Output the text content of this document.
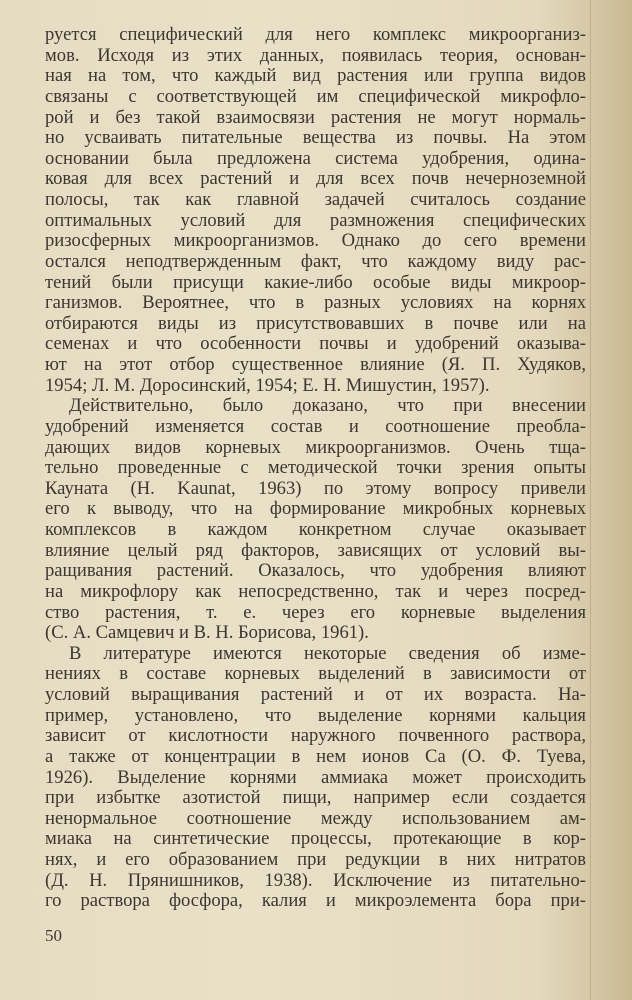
руется специфический для него комплекс микроорганиз-
мов. Исходя из этих данных, появилась теория, основан-
ная на том, что каждый вид растения или группа видов
связаны с соответствующей им специфической микрофло-
рой и без такой взаимосвязи растения не могут нормаль-
но усваивать питательные вещества из почвы. На этом
основании была предложена система удобрения, одина-
ковая для всех растений и для всех почв нечерноземной
полосы, так как главной задачей считалось создание
оптимальных условий для размножения специфических
ризосферных микроорганизмов. Однако до сего времени
остался неподтвержденным факт, что каждому виду рас-
тений были присущи какие-либо особые виды микроор-
ганизмов. Вероятнее, что в разных условиях на корнях
отбираются виды из присутствовавших в почве или на
семенах и что особенности почвы и удобрений оказыва-
ют на этот отбор существенное влияние (Я. П. Худяков,
1954; Л. М. Доросинский, 1954; Е. Н. Мишустин, 1957).
Действительно, было доказано, что при внесении
удобрений изменяется состав и соотношение преобла-
дающих видов корневых микроорганизмов. Очень тща-
тельно проведенные с методической точки зрения опыты
Кауната (H. Kaunat, 1963) по этому вопросу привели
его к выводу, что на формирование микробных корневых
комплексов в каждом конкретном случае оказывает
влияние целый ряд факторов, зависящих от условий вы-
ращивания растений. Оказалось, что удобрения влияют
на микрофлору как непосредственно, так и через посред-
ство растения, т. е. через его корневые выделения
(С. А. Самцевич и В. Н. Борисова, 1961).
В литературе имеются некоторые сведения об изме-
нениях в составе корневых выделений в зависимости от
условий выращивания растений и от их возраста. На-
пример, установлено, что выделение корнями кальция
зависит от кислотности наружного почвенного раствора,
а также от концентрации в нем ионов Са (О. Ф. Туева,
1926). Выделение корнями аммиака может происходить
при избытке азотистой пищи, например если создается
ненормальное соотношение между использованием ам-
миака на синтетические процессы, протекающие в кор-
нях, и его образованием при редукции в них нитратов
(Д. Н. Прянишников, 1938). Исключение из питательно-
го раствора фосфора, калия и микроэлемента бора при-
50
